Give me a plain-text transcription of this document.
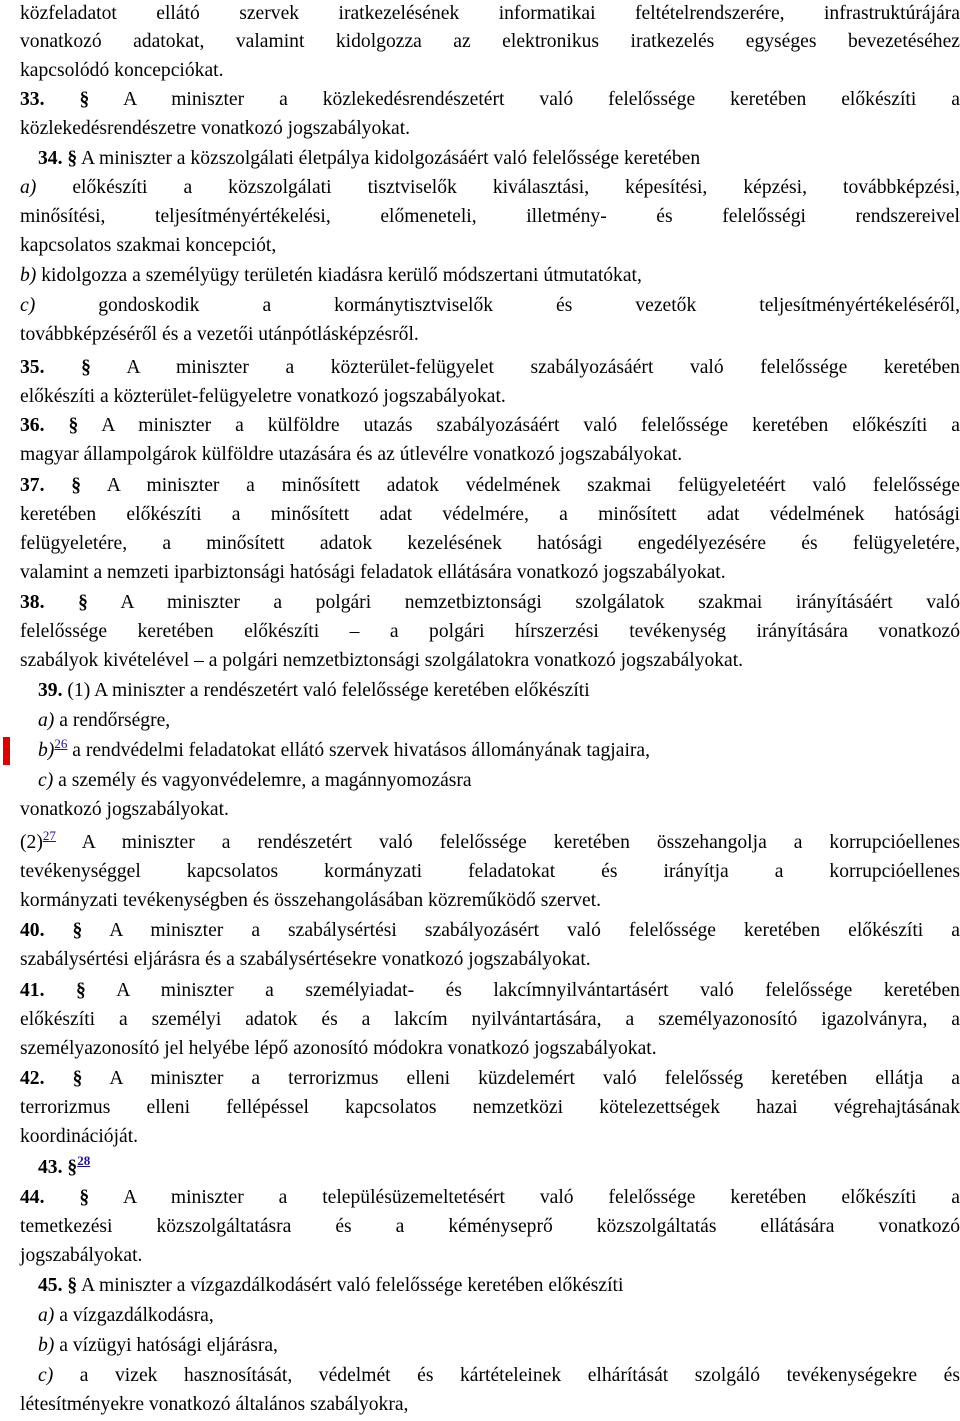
közfeladatot ellátó szervek iratkezelésének informatikai feltételrendszerére, infrastruktúrájára
vonatkozó adatokat, valamint kidolgozza az elektronikus iratkezelés egységes bevezetéséhez
kapcsolódó koncepciókat.
33. § A miniszter a közlekedésrendészetért való felelőssége keretében előkészíti a
közlekedésrendészetre vonatkozó jogszabályokat.
34. § A miniszter a közszolgálati életpálya kidolgozásáért való felelőssége keretében
a) előkészíti a közszolgálati tisztviselők kiválasztási, képesítési, képzési, továbbképzési,
minősítési, teljesítményértékelési, előmeneteli, illetmény- és felelősségi rendszereivel
kapcsolatos szakmai koncepciót,
b) kidolgozza a személyügy területén kiadásra kerülő módszertani útmutatókat,
c)	gondoskodik a kormánytisztviselők és vezetők teljesítményértékeléséről,
továbbképzéséről és a vezetői utánpótlásképzésről.
35. § A miniszter a közterület-felügyelet szabályozásáért való felelőssége keretében
előkészíti a közterület-felügyeletre vonatkozó jogszabályokat.
36. § A miniszter a külföldre utazás szabályozásáért való felelőssége keretében előkészíti a
magyar állampolgárok külföldre utazására és az útlevélre vonatkozó jogszabályokat.
37. § A miniszter a minősített adatok védelmének szakmai felügyeletéért való felelőssége
keretében előkészíti a minősített adat védelmére, a minősített adat védelmének hatósági
felügyeletére, a minősített adatok kezelésének hatósági engedélyezésére és felügyeletére,
valamint a nemzeti iparbiztonsági hatósági feladatok ellátására vonatkozó jogszabályokat.
38. § A miniszter a polgári nemzetbiztonsági szolgálatok szakmai irányításáért való
felelőssége keretében előkészíti – a polgári hírszerzési tevékenység irányítására vonatkozó
szabályok kivételével – a polgári nemzetbiztonsági szolgálatokra vonatkozó jogszabályokat.
39. (1) A miniszter a rendészetért való felelőssége keretében előkészíti
a) a rendőrségre,
b)$^{26}$ a rendvédelmi feladatokat ellátó szervek hivatásos állományának tagjaira,
c) a személy és vagyonvédelemre, a magánnyomozásra
vonatkozó jogszabályokat.
(2)$^{27}$ A miniszter a rendészetért való felelőssége keretében összehangolja a korrupcióellenes
tevékenységgel kapcsolatos kormányzati feladatokat és irányítja a korrupcióellenes
kormányzati tevékenységben és összehangolásában közreműködő szervet.
40. § A miniszter a szabálysértési szabályozásért való felelőssége keretében előkészíti a
szabálysértési eljárásra és a szabálysértésekre vonatkozó jogszabályokat.
41. § A miniszter a személyiadat- és lakcímnyilvántartásért való felelőssége keretében
előkészíti a személyi adatok és a lakcím nyilvántartására, a személyazonosító igazolványra, a
személyazonosító jel helyébe lépő azonosító módokra vonatkozó jogszabályokat.
42. § A miniszter a terrorizmus elleni küzdelemért való felelősség keretében ellátja a
terrorizmus elleni fellépéssel kapcsolatos nemzetközi kötelezettségek hazai végrehajtásának
koordinációját.
43. §$^{28}$
44. § A miniszter a településüzemeltetésért való felelőssége keretében előkészíti a
temetkezési közszolgáltatásra és a kéményseprő közszolgáltatás ellátására vonatkozó
jogszabályokat.
45. § A miniszter a vízgazdálkodásért való felelőssége keretében előkészíti
a) a vízgazdálkodásra,
b) a vízügyi hatósági eljárásra,
c) a vizek hasznosítását, védelmét és kártételeinek elhárítását szolgáló tevékenységekre és
létesítményekre vonatkozó általános szabályokra,
